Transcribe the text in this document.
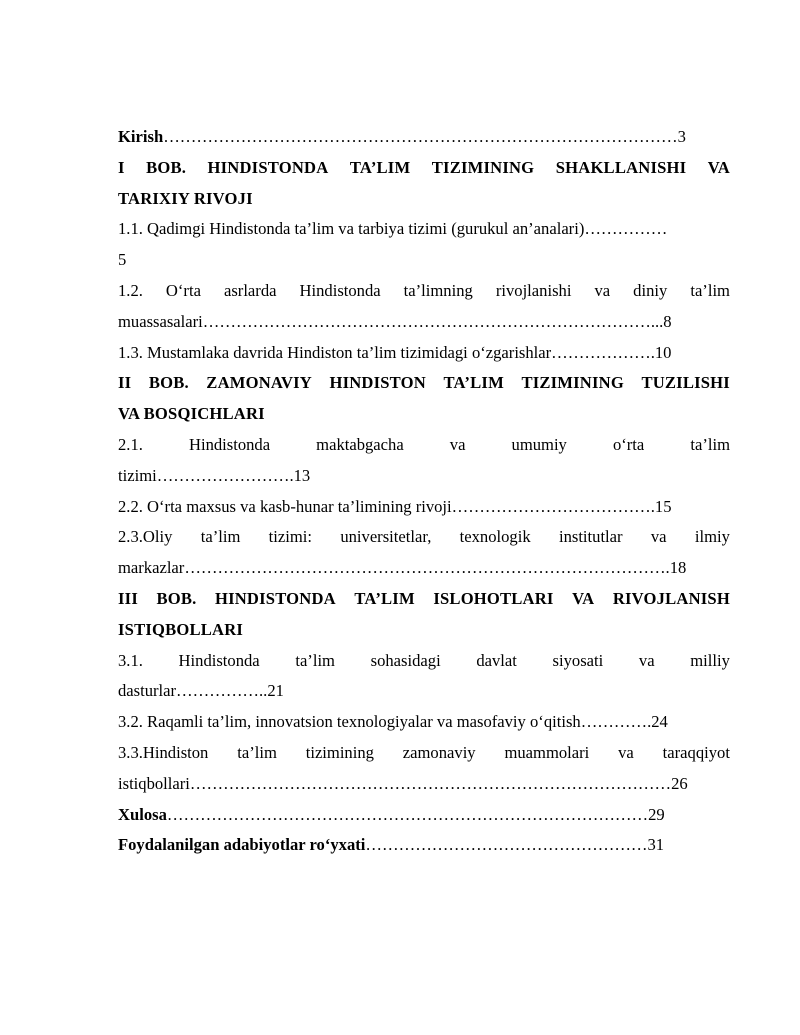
Kirish…………………………………………………………………………………3
I BOB. HINDISTONDA TA’LIM TIZIMINING SHAKLLANISHI VA
TARIXIY RIVOJI
1.1. Qadimgi Hindistonda ta’lim va tarbiya tizimi (gurukul an’analari)……………
5
1.2. O‘rta asrlarda Hindistonda ta’limning rivojlanishi va diniy ta’lim
muassasalari………………………………………………………………………...8
1.3. Mustamlaka davrida Hindiston ta’lim tizimidagi o‘zgarishlar……………….10
II BOB. ZAMONAVIY HINDISTON TA’LIM TIZIMINING TUZILISHI
VA BOSQICHLARI
2.1.	Hindistonda	maktabgacha	va	umumiy	o‘rta	ta’lim
tizimi…………………….13
2.2. O‘rta maxsus va kasb-hunar ta’limining rivoji……………………………….15
2.3.Oliy ta’lim tizimi: universitetlar, texnologik institutlar va ilmiy
markazlar…………………………………………………………………………….18
III BOB. HINDISTONDA TA’LIM ISLOHOTLARI VA RIVOJLANISH
ISTIQBOLLARI
3.1. Hindistonda ta’lim sohasidagi davlat siyosati va milliy
dasturlar……………..21
3.2. Raqamli ta’lim, innovatsion texnologiyalar va masofaviy o‘qitish………….24
3.3.Hindiston ta’lim tizimining zamonaviy muammolari va taraqqiyot
istiqbollari……………………………………………………………………………26
Xulosa……………………………………………………………………………29
Foydalanilgan adabiyotlar ro‘yxati……………………………………………31
